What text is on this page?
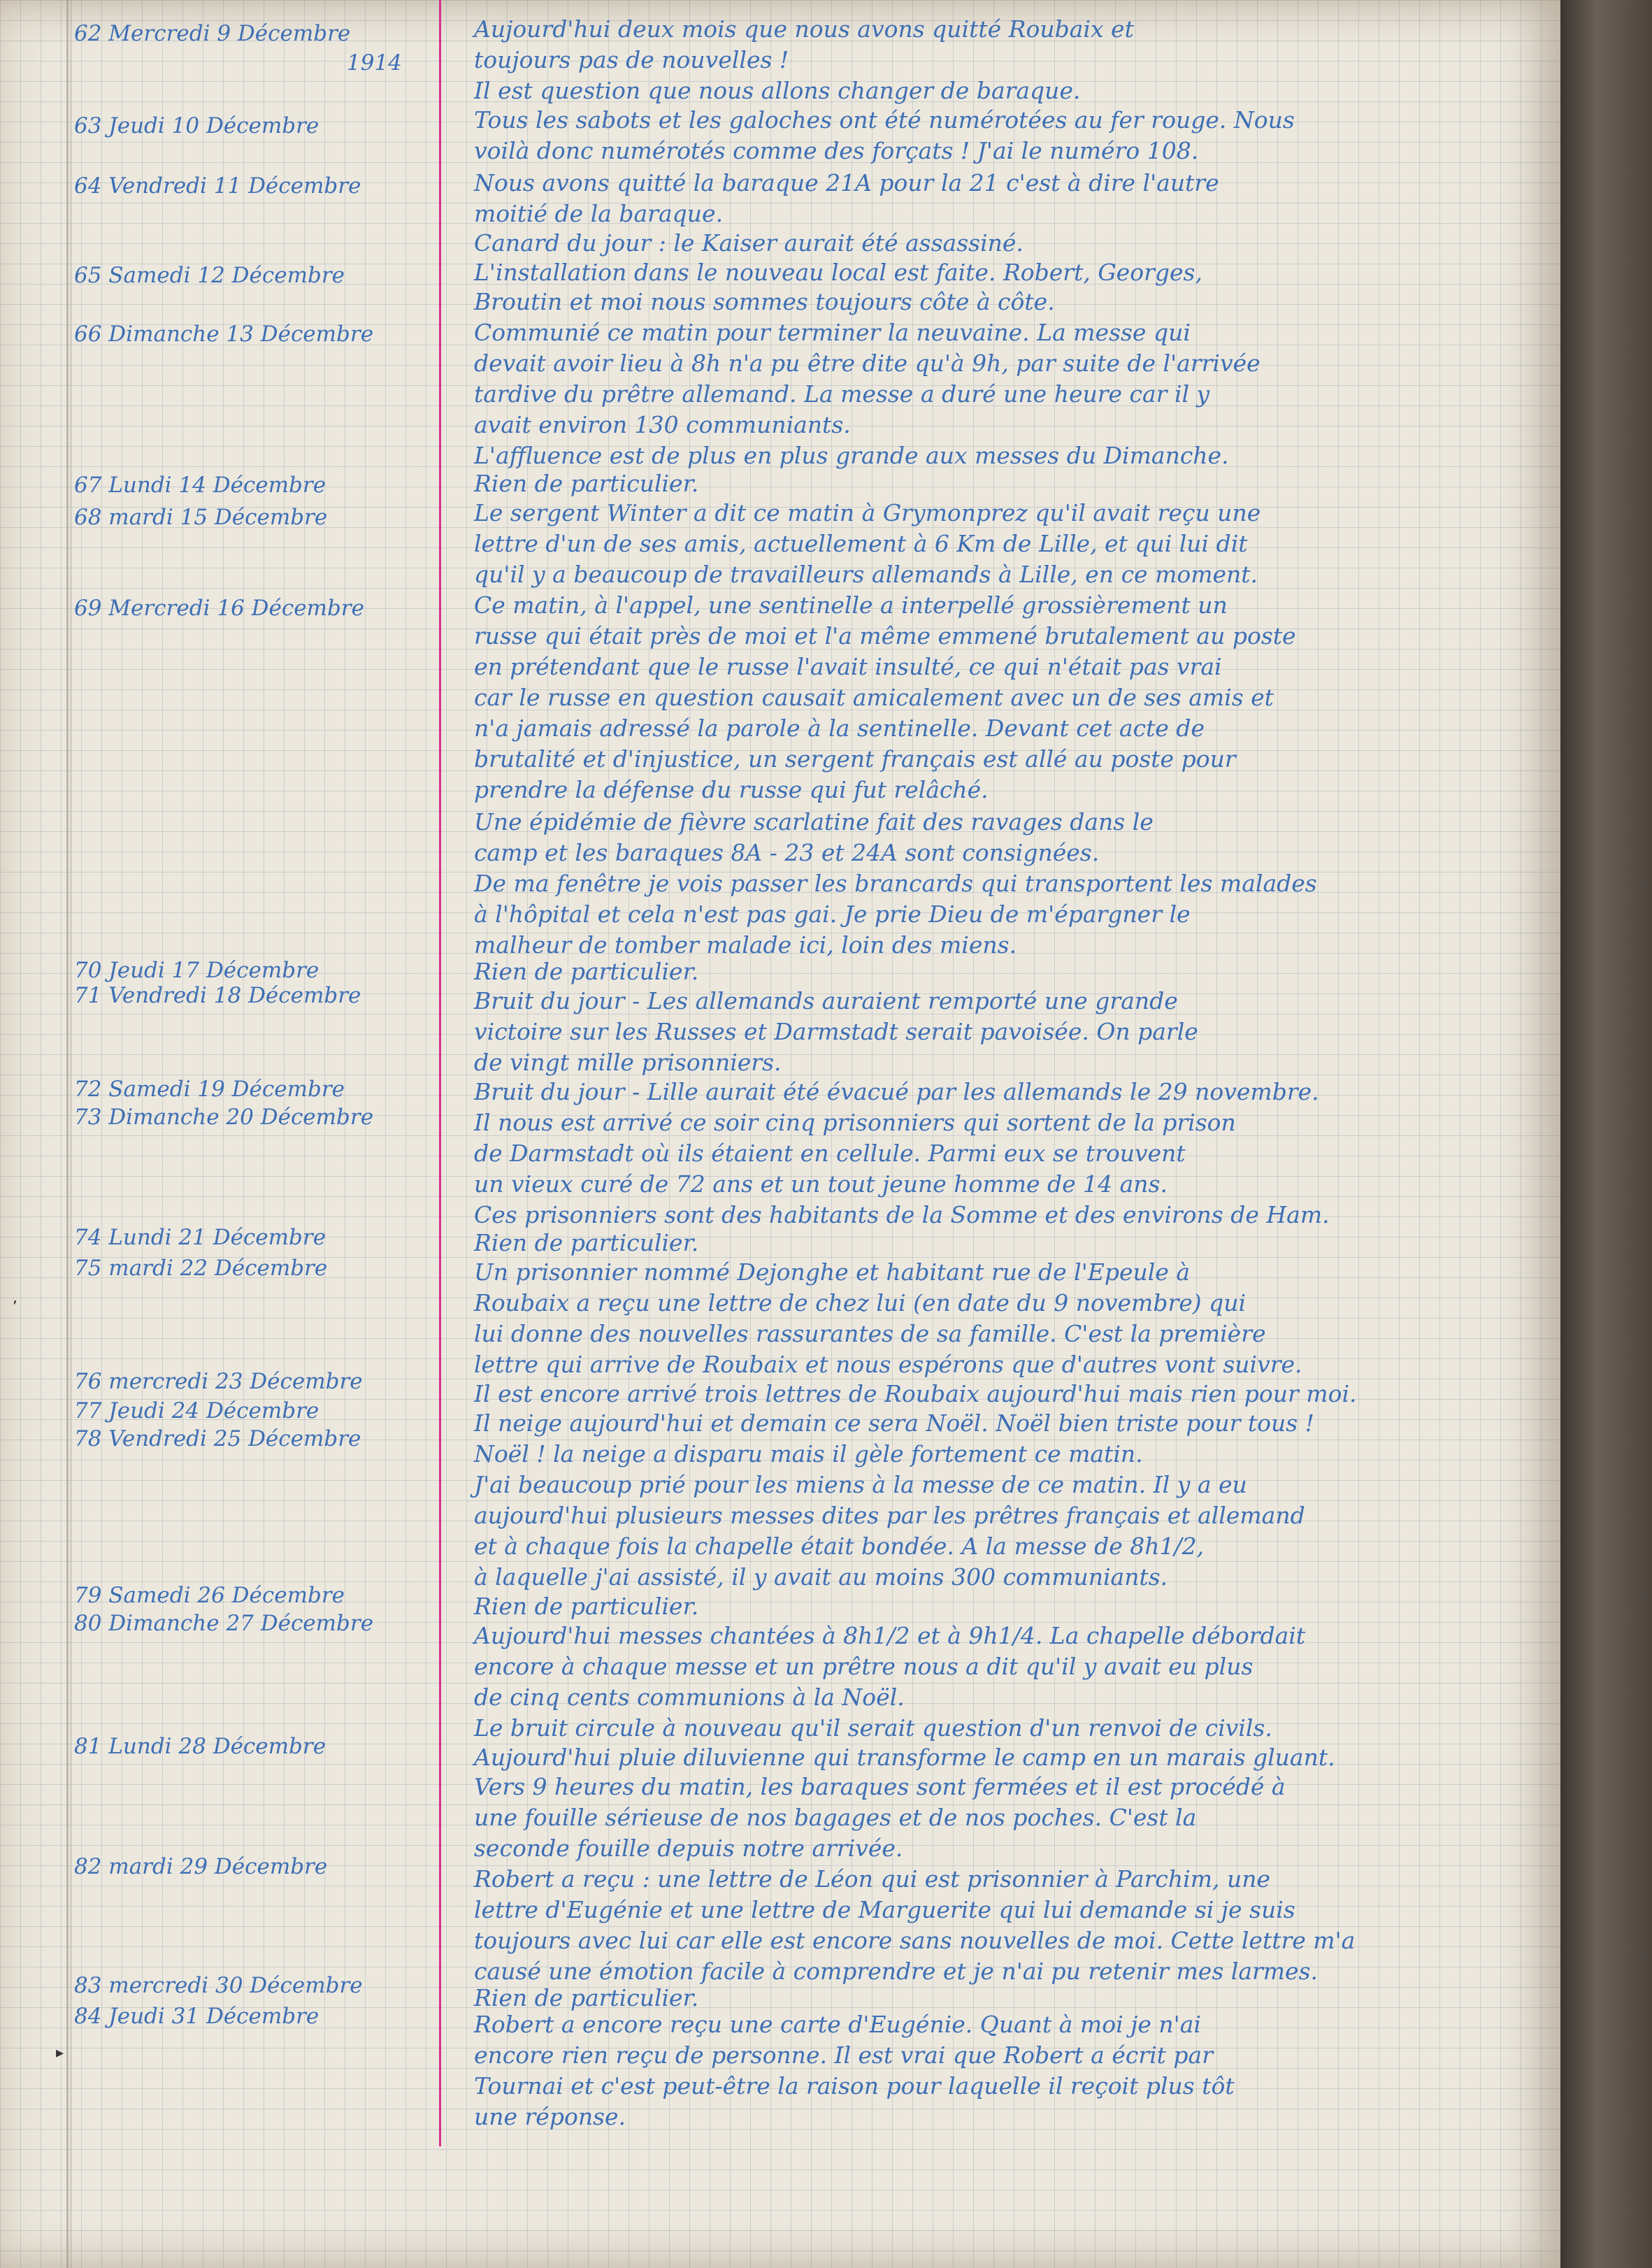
62 Mercredi 9 Décembre
1914
63 Jeudi 10 Décembre
64 Vendredi 11 Décembre
65 Samedi 12 Décembre
66 Dimanche 13 Décembre
67 Lundi 14 Décembre
68 mardi 15 Décembre
69 Mercredi 16 Décembre
70 Jeudi 17 Décembre
71 Vendredi 18 Décembre
72 Samedi 19 Décembre
73 Dimanche 20 Décembre
74 Lundi 21 Décembre
75 mardi 22 Décembre
76 mercredi 23 Décembre
77 Jeudi 24 Décembre
78 Vendredi 25 Décembre
79 Samedi 26 Décembre
80 Dimanche 27 Décembre
81 Lundi 28 Décembre
82 mardi 29 Décembre
83 mercredi 30 Décembre
84 Jeudi 31 Décembre
Aujourd'hui deux mois que nous avons quitté Roubaix et
toujours pas de nouvelles !
Il est question que nous allons changer de baraque.
Tous les sabots et les galoches ont été numérotées au fer rouge. Nous
voilà donc numérotés comme des forçats ! J'ai le numéro 108.
Nous avons quitté la baraque 21A pour la 21 c'est à dire l'autre
moitié de la baraque.
Canard du jour : le Kaiser aurait été assassiné.
L'installation dans le nouveau local est faite. Robert, Georges,
Broutin et moi nous sommes toujours côte à côte.
Communié ce matin pour terminer la neuvaine. La messe qui
devait avoir lieu à 8h n'a pu être dite qu'à 9h, par suite de l'arrivée
tardive du prêtre allemand. La messe a duré une heure car il y
avait environ 130 communiants.
L'affluence est de plus en plus grande aux messes du Dimanche.
Rien de particulier.
Le sergent Winter a dit ce matin à Grymonprez qu'il avait reçu une
lettre d'un de ses amis, actuellement à 6 Km de Lille, et qui lui dit
qu'il y a beaucoup de travailleurs allemands à Lille, en ce moment.
Ce matin, à l'appel, une sentinelle a interpellé grossièrement un
russe qui était près de moi et l'a même emmené brutalement au poste
en prétendant que le russe l'avait insulté, ce qui n'était pas vrai
car le russe en question causait amicalement avec un de ses amis et
n'a jamais adressé la parole à la sentinelle. Devant cet acte de
brutalité et d'injustice, un sergent français est allé au poste pour
prendre la défense du russe qui fut relâché.
Une épidémie de fièvre scarlatine fait des ravages dans le
camp et les baraques 8A - 23 et 24A sont consignées.
De ma fenêtre je vois passer les brancards qui transportent les malades
à l'hôpital et cela n'est pas gai. Je prie Dieu de m'épargner le
malheur de tomber malade ici, loin des miens.
Rien de particulier.
Bruit du jour - Les allemands auraient remporté une grande
victoire sur les Russes et Darmstadt serait pavoisée. On parle
de vingt mille prisonniers.
Bruit du jour - Lille aurait été évacué par les allemands le 29 novembre.
Il nous est arrivé ce soir cinq prisonniers qui sortent de la prison
de Darmstadt où ils étaient en cellule. Parmi eux se trouvent
un vieux curé de 72 ans et un tout jeune homme de 14 ans.
Ces prisonniers sont des habitants de la Somme et des environs de Ham.
Rien de particulier.
Un prisonnier nommé Dejonghe et habitant rue de l'Epeule à
Roubaix a reçu une lettre de chez lui (en date du 9 novembre) qui
lui donne des nouvelles rassurantes de sa famille. C'est la première
lettre qui arrive de Roubaix et nous espérons que d'autres vont suivre.
Il est encore arrivé trois lettres de Roubaix aujourd'hui mais rien pour moi.
Il neige aujourd'hui et demain ce sera Noël. Noël bien triste pour tous !
Noël ! la neige a disparu mais il gèle fortement ce matin.
J'ai beaucoup prié pour les miens à la messe de ce matin. Il y a eu
aujourd'hui plusieurs messes dites par les prêtres français et allemand
et à chaque fois la chapelle était bondée. A la messe de 8h1/2,
à laquelle j'ai assisté, il y avait au moins 300 communiants.
Rien de particulier.
Aujourd'hui messes chantées à 8h1/2 et à 9h1/4. La chapelle débordait
encore à chaque messe et un prêtre nous a dit qu'il y avait eu plus
de cinq cents communions à la Noël.
Le bruit circule à nouveau qu'il serait question d'un renvoi de civils.
Aujourd'hui pluie diluvienne qui transforme le camp en un marais gluant.
Vers 9 heures du matin, les baraques sont fermées et il est procédé à
une fouille sérieuse de nos bagages et de nos poches. C'est la
seconde fouille depuis notre arrivée.
Robert a reçu : une lettre de Léon qui est prisonnier à Parchim, une
lettre d'Eugénie et une lettre de Marguerite qui lui demande si je suis
toujours avec lui car elle est encore sans nouvelles de moi. Cette lettre m'a
causé une émotion facile à comprendre et je n'ai pu retenir mes larmes.
Rien de particulier.
Robert a encore reçu une carte d'Eugénie. Quant à moi je n'ai
encore rien reçu de personne. Il est vrai que Robert a écrit par
Tournai et c'est peut-être la raison pour laquelle il reçoit plus tôt
une réponse.
,
▸
